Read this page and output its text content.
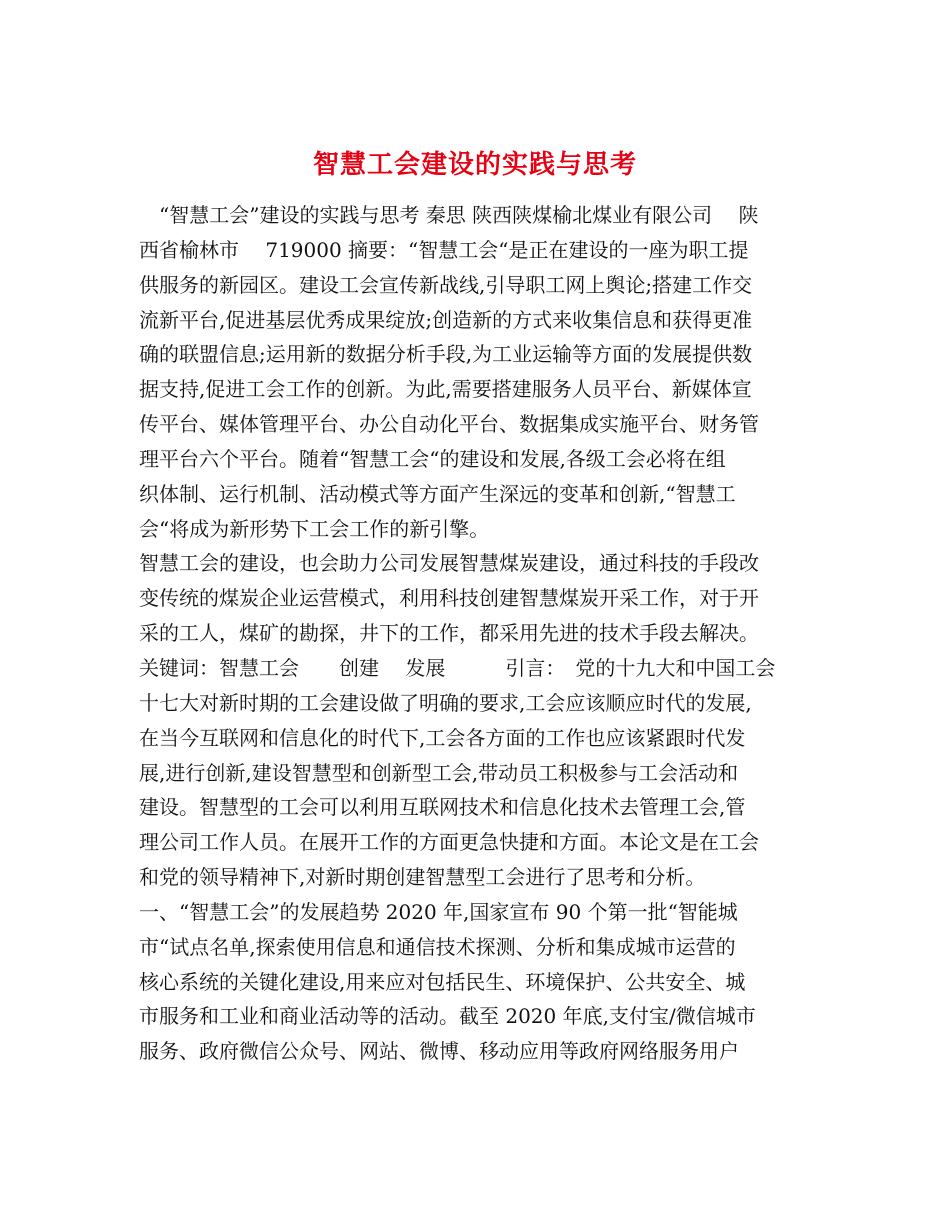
智慧工会建设的实践与思考
　“智慧工会”建设的实践与思考 秦思 陕西陕煤榆北煤业有限公司　 陕
西省榆林市　 719000 摘要：“智慧工会“是正在建设的一座为职工提
供服务的新园区。建设工会宣传新战线,引导职工网上舆论;搭建工作交
流新平台,促进基层优秀成果绽放;创造新的方式来收集信息和获得更准
确的联盟信息;运用新的数据分析手段,为工业运输等方面的发展提供数
据支持,促进工会工作的创新。为此,需要搭建服务人员平台、新媒体宣
传平台、媒体管理平台、办公自动化平台、数据集成实施平台、财务管
理平台六个平台。随着“智慧工会“的建设和发展,各级工会必将在组
织体制、运行机制、活动模式等方面产生深远的变革和创新,“智慧工
会“将成为新形势下工会工作的新引擎。
智慧工会的建设，也会助力公司发展智慧煤炭建设，通过科技的手段改
变传统的煤炭企业运营模式，利用科技创建智慧煤炭开采工作，对于开
采的工人，煤矿的勘探，井下的工作，都采用先进的技术手段去解决。
关键词：智慧工会　　创建　 发展　　　引言：　党的十九大和中国工会
十七大对新时期的工会建设做了明确的要求,工会应该顺应时代的发展,
在当今互联网和信息化的时代下,工会各方面的工作也应该紧跟时代发
展,进行创新,建设智慧型和创新型工会,带动员工积极参与工会活动和
建设。智慧型的工会可以利用互联网技术和信息化技术去管理工会,管
理公司工作人员。在展开工作的方面更急快捷和方面。本论文是在工会
和党的领导精神下,对新时期创建智慧型工会进行了思考和分析。
一、“智慧工会”的发展趋势 2020 年,国家宣布 90 个第一批“智能城
市“试点名单,探索使用信息和通信技术探测、分析和集成城市运营的
核心系统的关键化建设,用来应对包括民生、环境保护、公共安全、城
市服务和工业和商业活动等的活动。截至 2020 年底,支付宝/微信城市
服务、政府微信公众号、网站、微博、移动应用等政府网络服务用户
